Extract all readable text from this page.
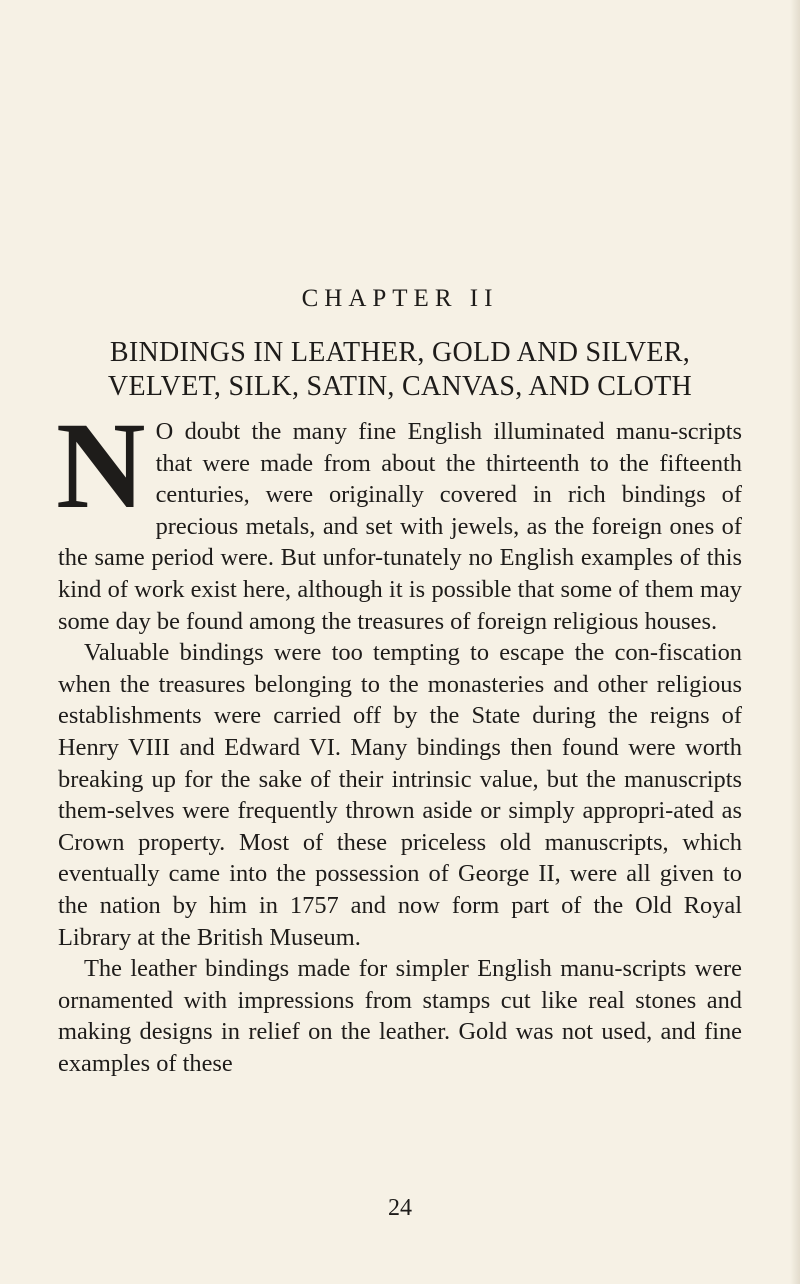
CHAPTER II
BINDINGS IN LEATHER, GOLD AND SILVER,
VELVET, SILK, SATIN, CANVAS, AND CLOTH

N O doubt the many fine English illuminated manu-scripts that were made from about the thirteenth to the fifteenth centuries, were originally covered in rich bindings of precious metals, and set with jewels, as the foreign ones of the same period were. But unfor-tunately no English examples of this kind of work exist here, although it is possible that some of them may some day be found among the treasures of foreign religious houses.

Valuable bindings were too tempting to escape the con-fiscation when the treasures belonging to the monasteries and other religious establishments were carried off by the State during the reigns of Henry VIII and Edward VI. Many bindings then found were worth breaking up for the sake of their intrinsic value, but the manuscripts them-selves were frequently thrown aside or simply appropri-ated as Crown property. Most of these priceless old manuscripts, which eventually came into the possession of George II, were all given to the nation by him in 1757 and now form part of the Old Royal Library at the British Museum.

The leather bindings made for simpler English manu-scripts were ornamented with impressions from stamps cut like real stones and making designs in relief on the leather. Gold was not used, and fine examples of these

24
